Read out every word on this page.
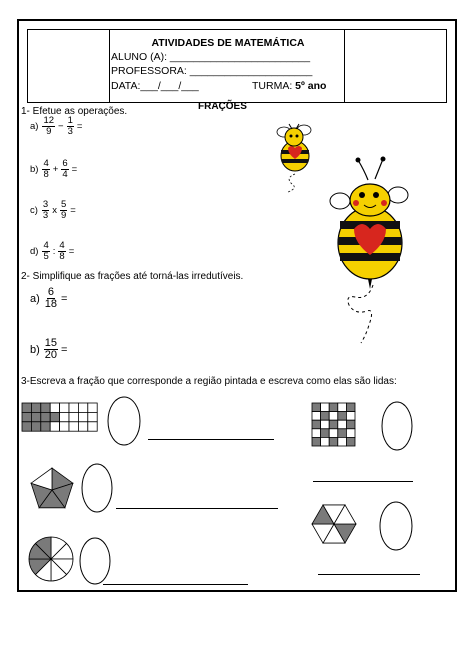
ATIVIDADES DE MATEMÁTICA
ALUNO (A): ________________________
PROFESSORA: _____________________
DATA:___/___/___	TURMA: 5º ano
FRAÇÕES
1- Efetue as operações.
a) 12
$9 - \frac{1}{3}$ =
b) 4
$8 + \frac{6}{4}$ =
c) 3
3 x $\frac{5}{9}$ =
d) 4
5 : $\frac{4}{8}$ =
2- Simplifique as frações até torná-las irredutíveis.
$a) \frac{6}{18}$ =
$b) \frac{15}{20}$ =
3-Escreva a fração que corresponde a região pintada e escreva como elas são lidas:
